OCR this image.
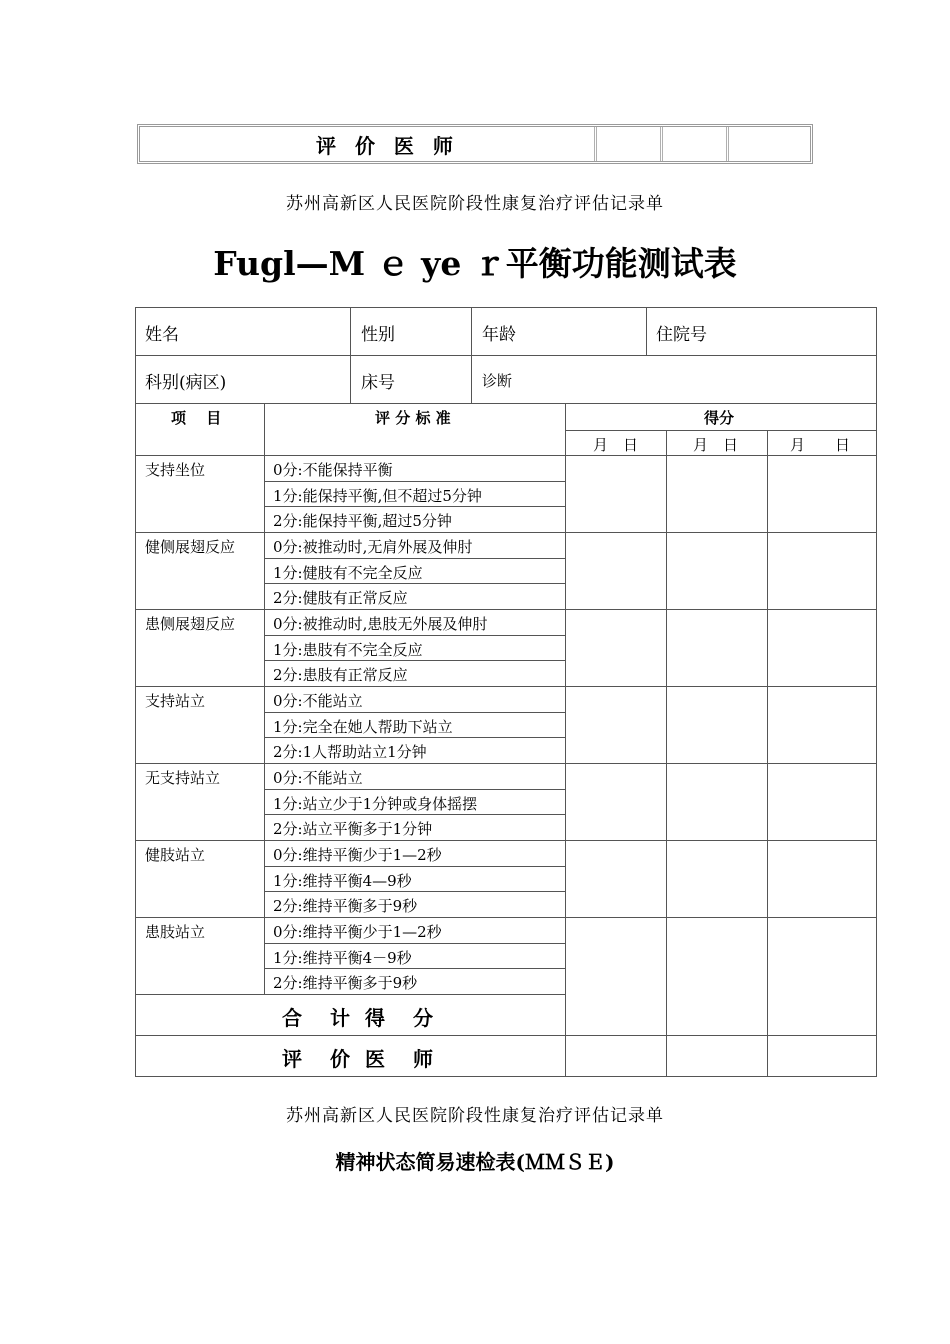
评 价 医 师
苏州高新区人民医院阶段性康复治疗评估记录单
Fugl—M ｅ ye ｒ平衡功能测试表
姓名	性别	年龄	住院号
科别(病区)	床号	诊断
项　 目	评 分 标 准	得分
月　日	月　日	月　　日
支持坐位	0分:不能保持平衡
1分:能保持平衡,但不超过5分钟
2分:能保持平衡,超过5分钟
健侧展翅反应	0分:被推动时,无肩外展及伸肘
1分:健肢有不完全反应
2分:健肢有正常反应
患侧展翅反应	0分:被推动时,患肢无外展及伸肘
1分:患肢有不完全反应
2分:患肢有正常反应
支持站立	0分:不能站立
1分:完全在她人帮助下站立
2分:1人帮助站立1分钟
无支持站立	0分:不能站立
1分:站立少于1分钟或身体摇摆
2分:站立平衡多于1分钟
健肢站立	0分:维持平衡少于1—2秒
1分:维持平衡4—9秒
2分:维持平衡多于9秒
患肢站立	0分:维持平衡少于1—2秒
1分:维持平衡4－9秒
2分:维持平衡多于9秒
合　计 得　分
评　价 医　师
苏州高新区人民医院阶段性康复治疗评估记录单
精神状态简易速检表(ＭＭＳＥ)
